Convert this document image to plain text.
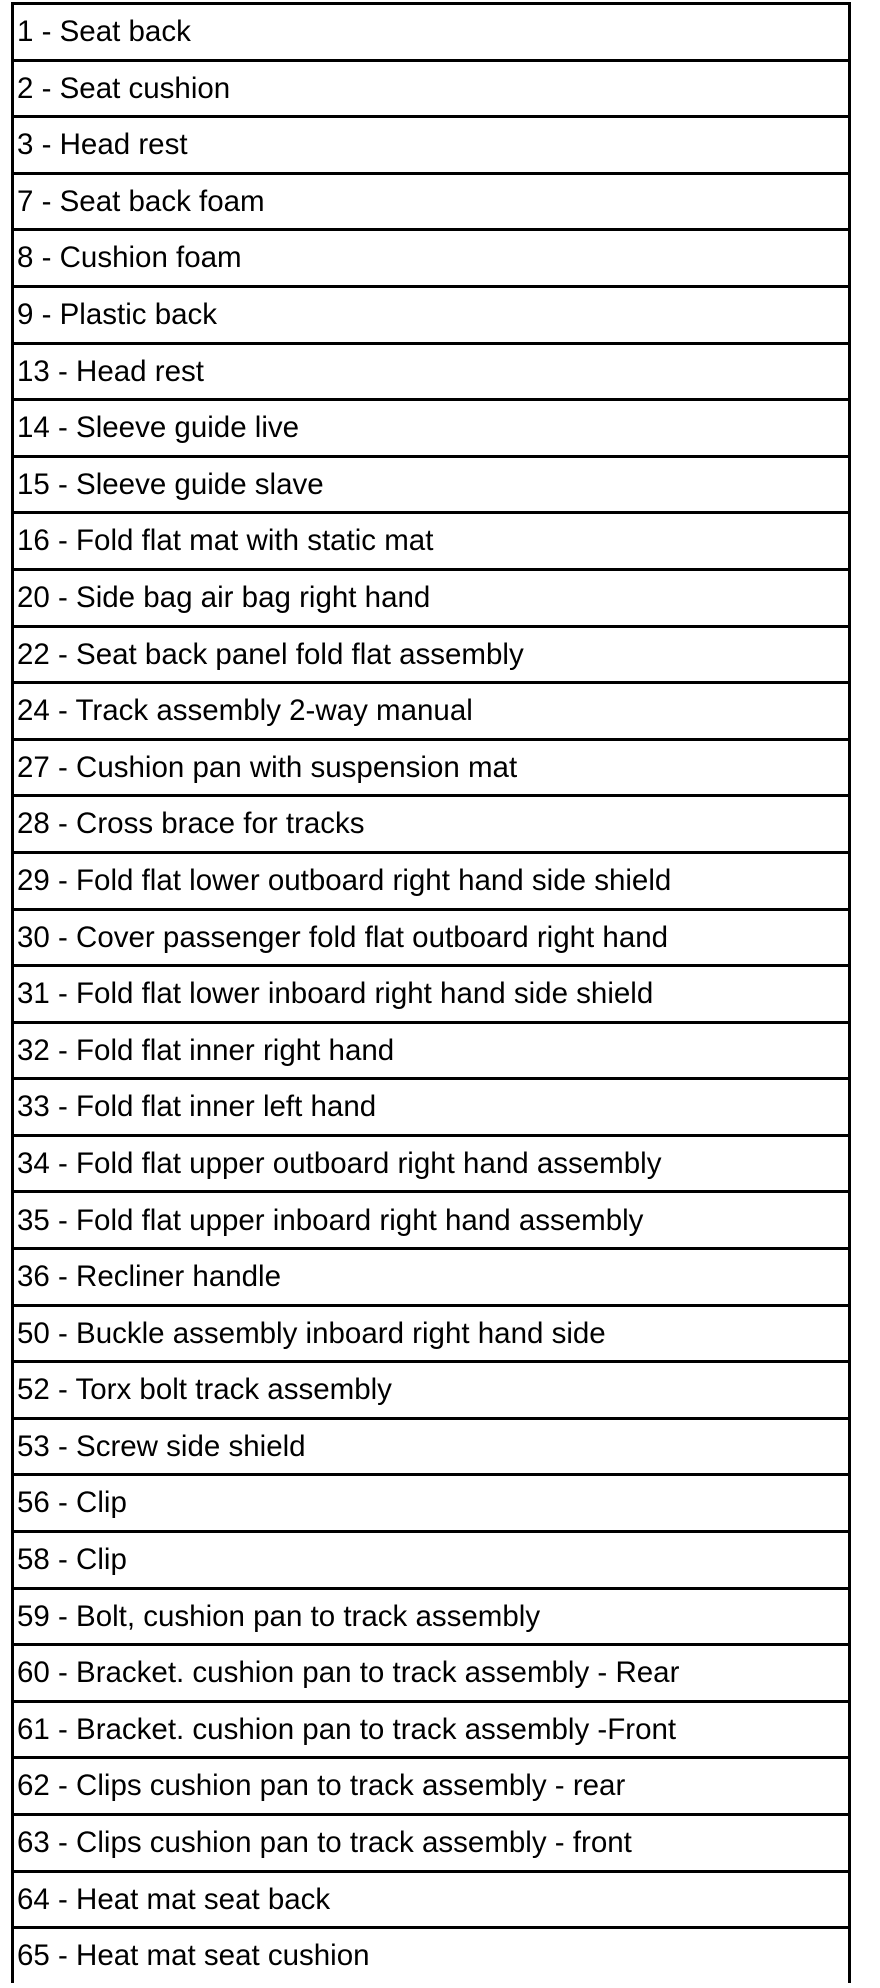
1 - Seat back
2 - Seat cushion
3 - Head rest
7 - Seat back foam
8 - Cushion foam
9 - Plastic back
13 - Head rest
14 - Sleeve guide live
15 - Sleeve guide slave
16 - Fold flat mat with static mat
20 - Side bag air bag right hand
22 - Seat back panel fold flat assembly
24 - Track assembly 2-way manual
27 - Cushion pan with suspension mat
28 - Cross brace for tracks
29 - Fold flat lower outboard right hand side shield
30 - Cover passenger fold flat outboard right hand
31 - Fold flat lower inboard right hand side shield
32 - Fold flat inner right hand
33 - Fold flat inner left hand
34 - Fold flat upper outboard right hand assembly
35 - Fold flat upper inboard right hand assembly
36 - Recliner handle
50 - Buckle assembly inboard right hand side
52 - Torx bolt track assembly
53 - Screw side shield
56 - Clip
58 - Clip
59 - Bolt, cushion pan to track assembly
60 - Bracket. cushion pan to track assembly - Rear
61 - Bracket. cushion pan to track assembly -Front
62 - Clips cushion pan to track assembly - rear
63 - Clips cushion pan to track assembly - front
64 - Heat mat seat back
65 - Heat mat seat cushion
